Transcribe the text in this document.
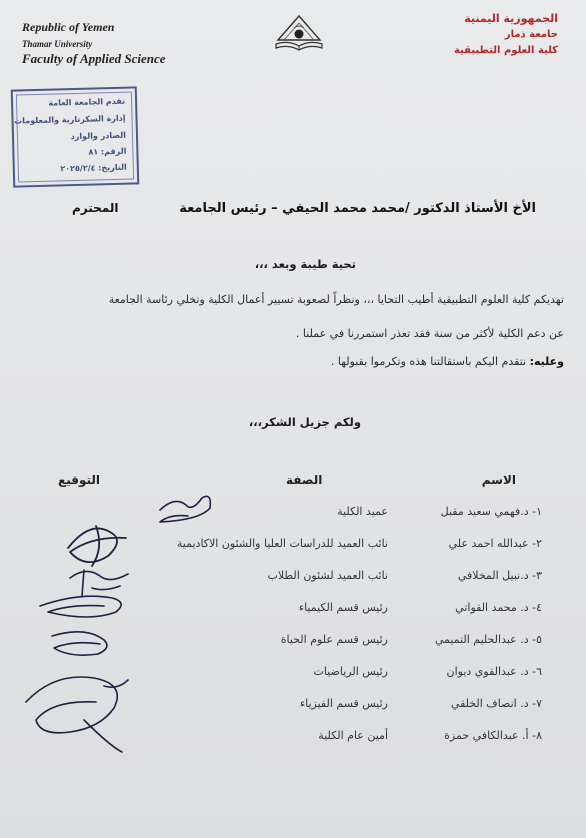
Republic of Yemen
Thamar University
Faculty of Applied Science
الجمهورية اليمنية
جامعة ذمار
كلية العلوم التطبيقية
تقدم الجامعة العامة
إدارة السكرتارية والمعلومات
الصادر والوارد
الرقم: ٨١
التاريخ: ٢٠٢٥/٢/٤
الأخ الأستاذ الدكتور /محمد محمد الحيفي – رئيس الجامعة
المحترم
تحية طيبة وبعد ،،،
تهديكم كلية العلوم التطبيقية أطيب التحايا ،،، ونظراً لصعوبة تسيير أعمال الكلية وتخلي رئاسة الجامعة
عن دعم الكلية لأكثر من سنة فقد تعذر استمررنا في عملنا .
وعليه: نتقدم اليكم باستقالتنا هذه وتكرموا بقبولها .
ولكم جزيل الشكر،،،
الاسم
الصفة
التوقيع
١- د.فهمي سعيد مقبل
عميد الكلية
٢- عبدالله احمد علي
نائب العميد للدراسات العليا والشئون الاكاديمية
٣- د.نبيل المخلافي
نائب العميد لشئون الطلاب
٤- د. محمد القواتي
رئيس قسم الكيمياء
٥- د. عبدالحليم التميمي
رئيس قسم علوم الحياة
٦- د. عبدالقوي ديوان
رئيس الرياضيات
٧- د. انصاف الخلقي
رئيس قسم الفيزياء
٨- أ. عبدالكافي حمزة
أمين عام الكلية
